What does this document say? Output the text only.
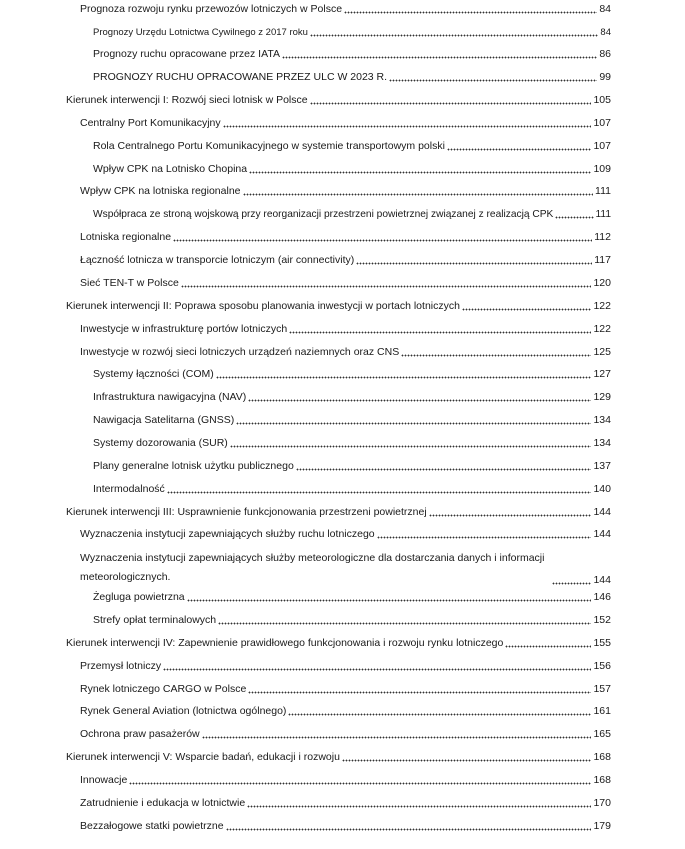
Prognoza rozwoju rynku przewozów lotniczych w Polsce	84
Prognozy Urzędu Lotnictwa Cywilnego z 2017 roku	84
Prognozy ruchu opracowane przez IATA	86
PROGNOZY RUCHU OPRACOWANE PRZEZ ULC W 2023 R.	99
Kierunek interwencji I: Rozwój sieci lotnisk w Polsce	105
Centralny Port Komunikacyjny	107
Rola Centralnego Portu Komunikacyjnego w systemie transportowym polski	107
Wpływ CPK na Lotnisko Chopina	109
Wpływ CPK na lotniska regionalne	111
Współpraca ze stroną wojskową przy reorganizacji przestrzeni powietrznej związanej z realizacją CPK	111
Lotniska regionalne	112
Łączność lotnicza w transporcie lotniczym (air connectivity)	117
Sieć TEN-T w Polsce	120
Kierunek interwencji II: Poprawa sposobu planowania inwestycji w portach lotniczych	122
Inwestycje w infrastrukturę portów lotniczych	122
Inwestycje w rozwój sieci lotniczych urządzeń naziemnych oraz CNS	125
Systemy łączności (COM)	127
Infrastruktura nawigacyjna (NAV)	129
Nawigacja Satelitarna (GNSS)	134
Systemy dozorowania (SUR)	134
Plany generalne lotnisk użytku publicznego	137
Intermodalność	140
Kierunek interwencji III: Usprawnienie funkcjonowania przestrzeni powietrznej	144
Wyznaczenia instytucji zapewniających służby ruchu lotniczego	144
Wyznaczenia instytucji zapewniających służby meteorologiczne dla dostarczania danych i informacji meteorologicznych.	144
Żegluga powietrzna	146
Strefy opłat terminalowych	152
Kierunek interwencji IV: Zapewnienie prawidłowego funkcjonowania i rozwoju rynku lotniczego	155
Przemysł lotniczy	156
Rynek lotniczego CARGO w Polsce	157
Rynek General Aviation (lotnictwa ogólnego)	161
Ochrona praw pasażerów	165
Kierunek interwencji V: Wsparcie badań, edukacji i rozwoju	168
Innowacje	168
Zatrudnienie i edukacja w lotnictwie	170
Bezzałogowe statki powietrzne	179
